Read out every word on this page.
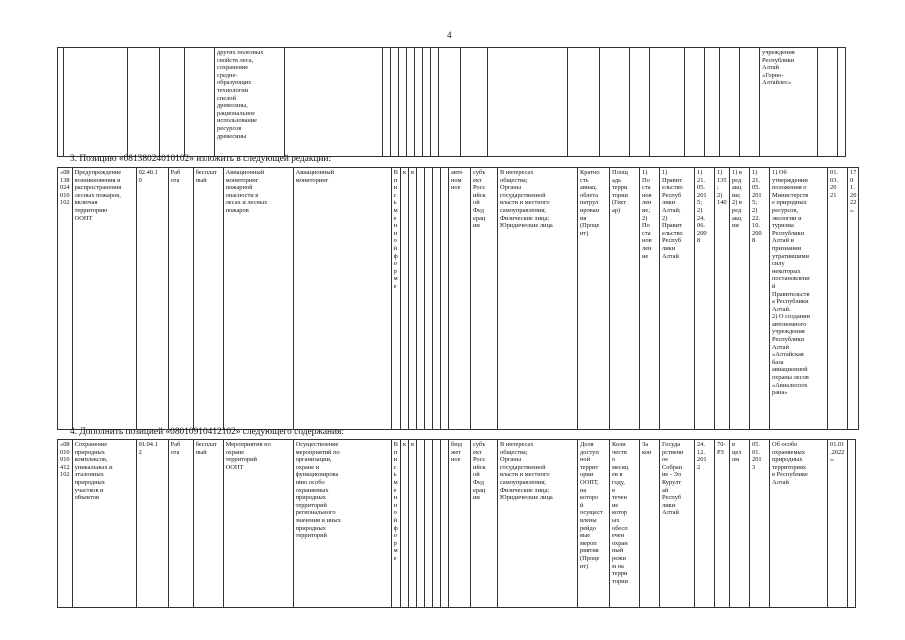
4
					других полезных
свойств леса,
сохранение
средне-
образующих
технологии
спелой
древесины,
рациональное
использование
ресурсов
древесины																				учреждения
Республики
Алтай
«Горно-
Алтайлес»		
3. Позицию «08138024010102» изложить в следующей редакции:
«08
138
024
010
102	Предупреждение
возникновения и
распространения
лесных пожаров,
включая
территорию
ООПТ	02.40.1
0	Раб
ота	бесплат
ный	Авиационный
мониторинг
пожарной
опасности в
лесах и лесных
пожаров	Авиационный
мониторинг	В
п
и
с
ь
м
е
н
н
о
й
ф
о
р
м
е	к	в					авто
ном
ное	субъ
ект
Росс
ийск
ой
Фед
ерац
ии	В интересах
общества;
Органы
государственной
власти и местного
самоуправления;
Физические лица;
Юридические лица	Кратно
сть
авиац.
облета
патрул
ирован
ия
(Проце
нт)	Площ
адь
терри
тории
(Гект
ар)	1)
По
ста
нов
лен
ие;
2)
По
ста
нов
лен
ие	1)
Правит
ельство
Респуб
лики
Алтай;
2)
Правит
ельство
Респуб
лики
Алтай	1)
21.
05.
201
5;
2)
24.
06.
200
8	1)
135
;
2)
140	1) в
ред
акц
ии;
2) в
ред
акц
ии	1)
21.
05.
201
5;
2)
22.
10.
200
8	1) Об
утверждении
положения о
Министерств
е природных
ресурсов,
экологии и
туризма
Республики
Алтай и
признании
утратившими
силу
некоторых
постановлени
й
Правительств
а Республики
Алтай.
2) О создании
автономного
учреждения
Республики
Алтай
«Алтайская
база
авиационной
охраны лесов
«Авиалесоох
рана»	01.
03.
20
21	17
0
1.
20
22
».
4. Дополнить позицией «08010910412102» следующего содержания:
«08
010
910
412
102	Сохранение
природных
комплексов,
уникальных и
эталонных
природных
участков и
объектов	91.04.1
2	Раб
ота	бесплат
ный	Мероприятия по
охране
территорий
ООПТ	Осуществление
мероприятий по
организации,
охране и
функционирова
нию особо
охраняемых
природных
территорий
регионального
значения и иных
природных
территорий	В
п
и
с
ь
м
е
н
н
о
й
ф
о
р
м
е	к	в					бюд
жет
ное	субъ
ект
Росс
ийск
ой
Фед
ерац
ии	В интересах
общества;
Органы
государственной
власти и местного
самоуправления;
Физические лица;
Юридические лица	Доля
доступ
ной
террит
ории
ООПТ,
на
которо
й
осущест
влены
рейдо
вые
мероп
риятия
(Проце
нт)	Коли
честв
о
месяц
ев в
году,
в
течен
ие
котор
ых
обесп
ечен
охран
ный
режи
м на
терри
тории	За
кон	Госуда
рственн
ое
Собран
ие - Эл
Курулт
ай
Респуб
лики
Алтай	24.
12.
201
2	70-
РЗ	в
цел
ом	05.
01.
201
3	Об особо
охраняемых
природных
территориях
в Республике
Алтай	01.01
.2022
».	
